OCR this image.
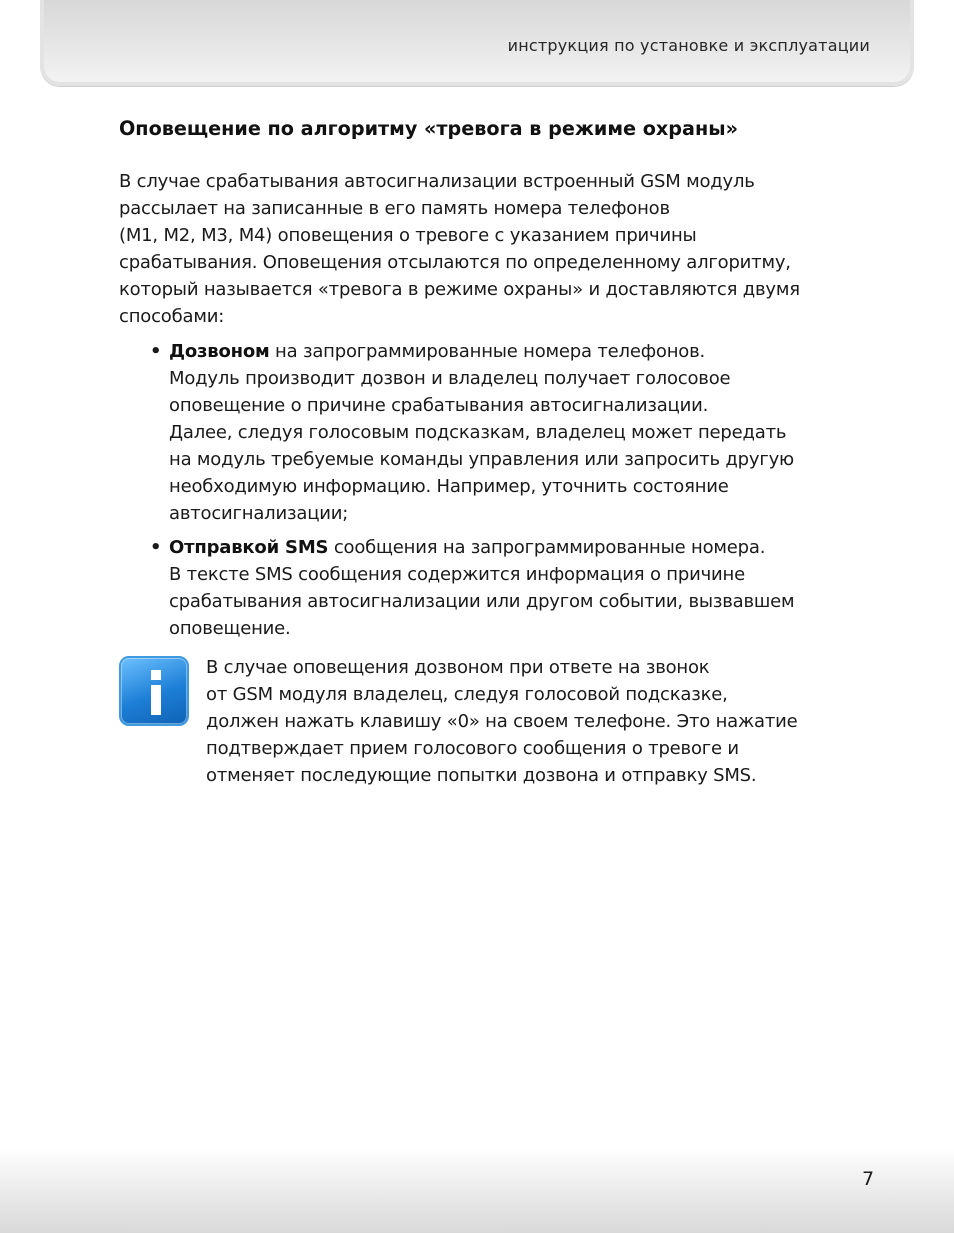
инструкция по установке и эксплуатации
Оповещение по алгоритму «тревога в режиме охраны»
В случае срабатывания автосигнализации встроенный GSM модуль
рассылает на записанные в его память номера телефонов
(M1, M2, M3, M4) оповещения о тревоге с указанием причины
срабатывания. Оповещения отсылаются по определенному алгоритму,
который называется «тревога в режиме охраны» и доставляются двумя
способами:
• Дозвоном на запрограммированные номера телефонов.
Модуль производит дозвон и владелец получает голосовое
оповещение о причине срабатывания автосигнализации.
Далее, следуя голосовым подсказкам, владелец может передать
на модуль требуемые команды управления или запросить другую
необходимую информацию. Например, уточнить состояние
автосигнализации;
• Отправкой SMS сообщения на запрограммированные номера.
В тексте SMS сообщения содержится информация о причине
срабатывания автосигнализации или другом событии, вызвавшем
оповещение.
В случае оповещения дозвоном при ответе на звонок
от GSM модуля владелец, следуя голосовой подсказке,
должен нажать клавишу «0» на своем телефоне. Это нажатие
подтверждает прием голосового сообщения о тревоге и
отменяет последующие попытки дозвона и отправку SMS.
7
